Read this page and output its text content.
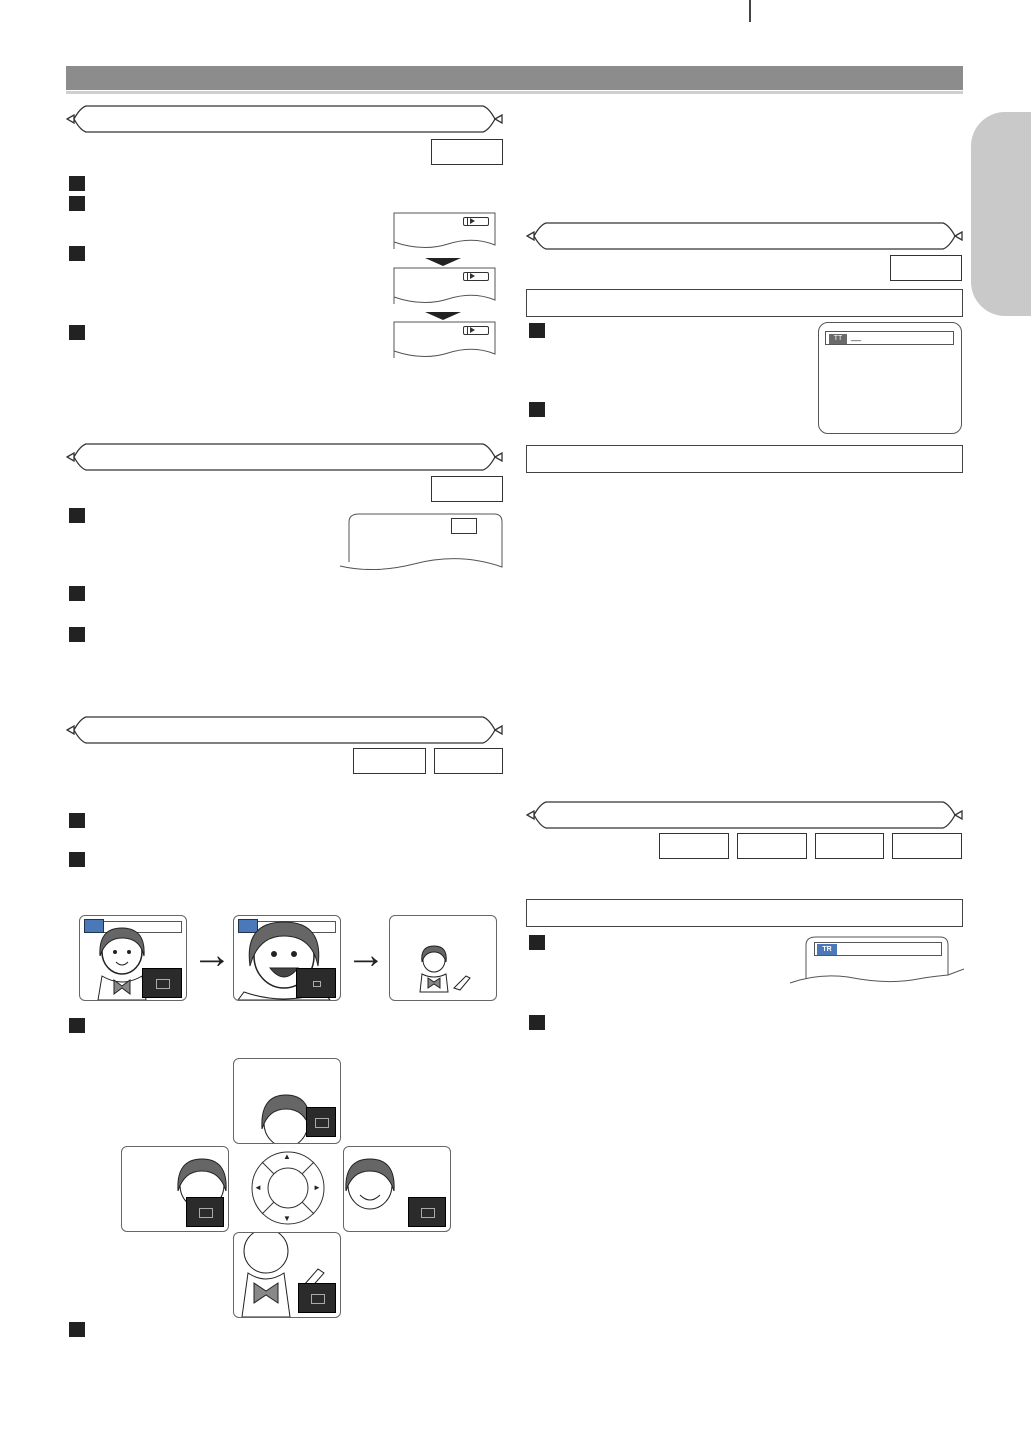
→	→
▲
▼
◄	►
TT __
TR
